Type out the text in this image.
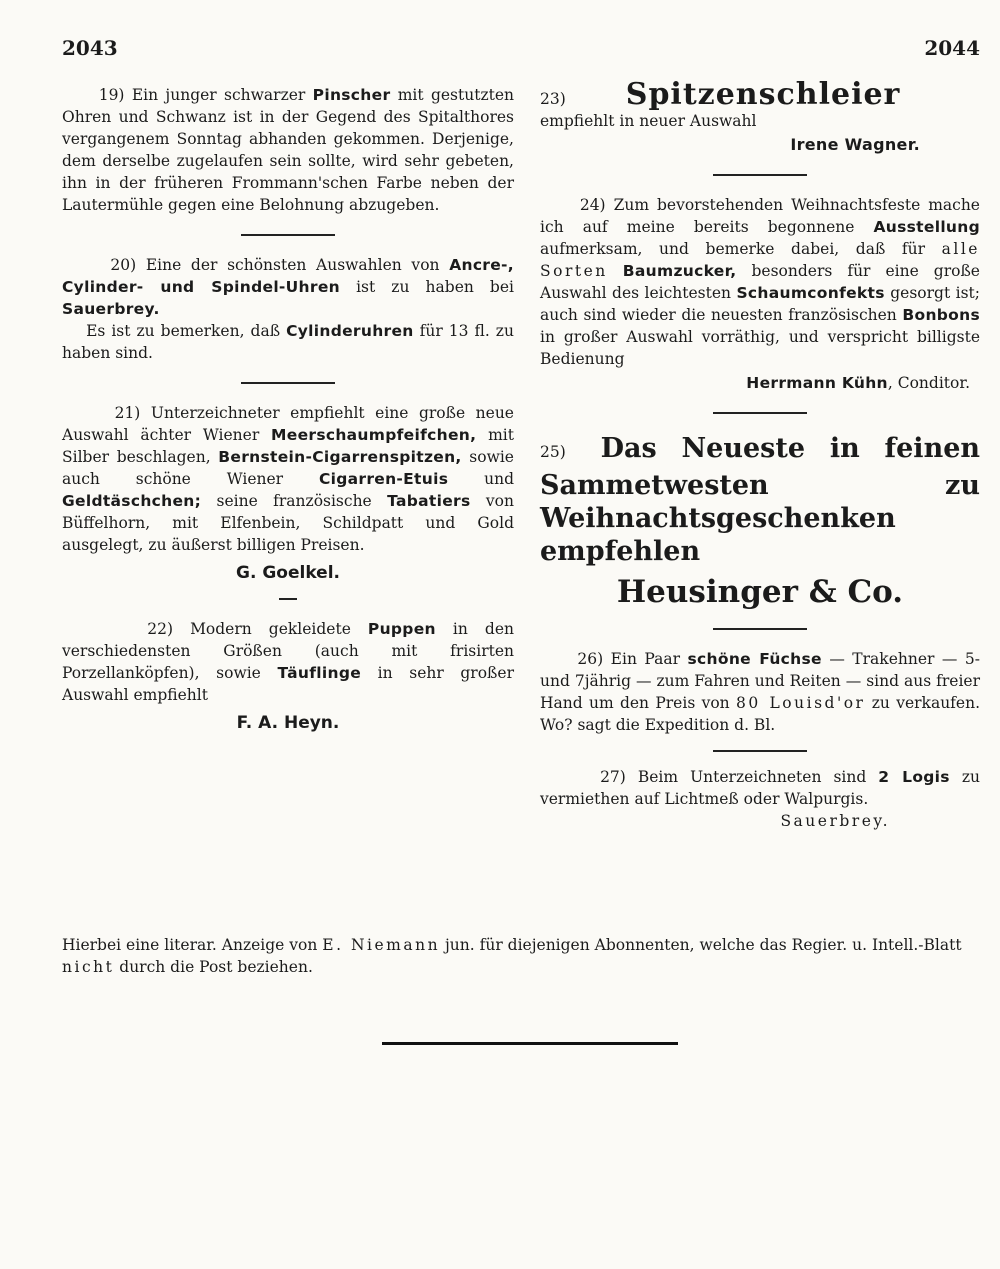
2043	2044

19) Ein junger schwarzer Pinscher mit gestutzten Ohren und Schwanz ist in der Gegend des Spitalthores vergangenem Sonntag abhanden gekommen. Derjenige, dem derselbe zugelaufen sein sollte, wird sehr gebeten, ihn in der früheren Frommann'schen Farbe neben der Lautermühle gegen eine Belohnung abzugeben.

20) Eine der schönsten Auswahlen von Ancre-, Cylinder- und Spindel-Uhren ist zu haben bei Sauerbrey.

Es ist zu bemerken, daß Cylinderuhren für 13 fl. zu haben sind.

21) Unterzeichneter empfiehlt eine große neue Auswahl ächter Wiener Meerschaumpfeifchen, mit Silber beschlagen, Bernstein-Cigarrenspitzen, sowie auch schöne Wiener Cigarren-Etuis und Geldtäschchen; seine französische Tabatiers von Büffelhorn, mit Elfenbein, Schildpatt und Gold ausgelegt, zu äußerst billigen Preisen.

G. Goelkel.

22) Modern gekleidete Puppen in den verschiedensten Größen (auch mit frisirten Porzellanköpfen), sowie Täuflinge in sehr großer Auswahl empfiehlt

F. A. Heyn.
23) Spitzenschleier

empfiehlt in neuer Auswahl

Irene Wagner.

24) Zum bevorstehenden Weihnachtsfeste mache ich auf meine bereits begonnene Ausstellung aufmerksam, und bemerke dabei, daß für alle Sorten Baumzucker, besonders für eine große Auswahl des leichtesten Schaumconfekts gesorgt ist; auch sind wieder die neuesten französischen Bonbons in großer Auswahl vorräthig, und verspricht billigste Bedienung

Herrmann Kühn, Conditor.
25) Das Neueste in feinen Sammetwesten zu Weihnachtsgeschenken empfehlen
Heusinger & Co.

26) Ein Paar schöne Füchse — Trakehner — 5- und 7jährig — zum Fahren und Reiten — sind aus freier Hand um den Preis von 80 Louisd'or zu verkaufen. Wo? sagt die Expedition d. Bl.

27) Beim Unterzeichneten sind 2 Logis zu vermiethen auf Lichtmeß oder Walpurgis.

Sauerbrey.
Hierbei eine literar. Anzeige von E. Niemann jun. für diejenigen Abonnenten, welche das Regier. u. Intell.-Blatt nicht durch die Post beziehen.
